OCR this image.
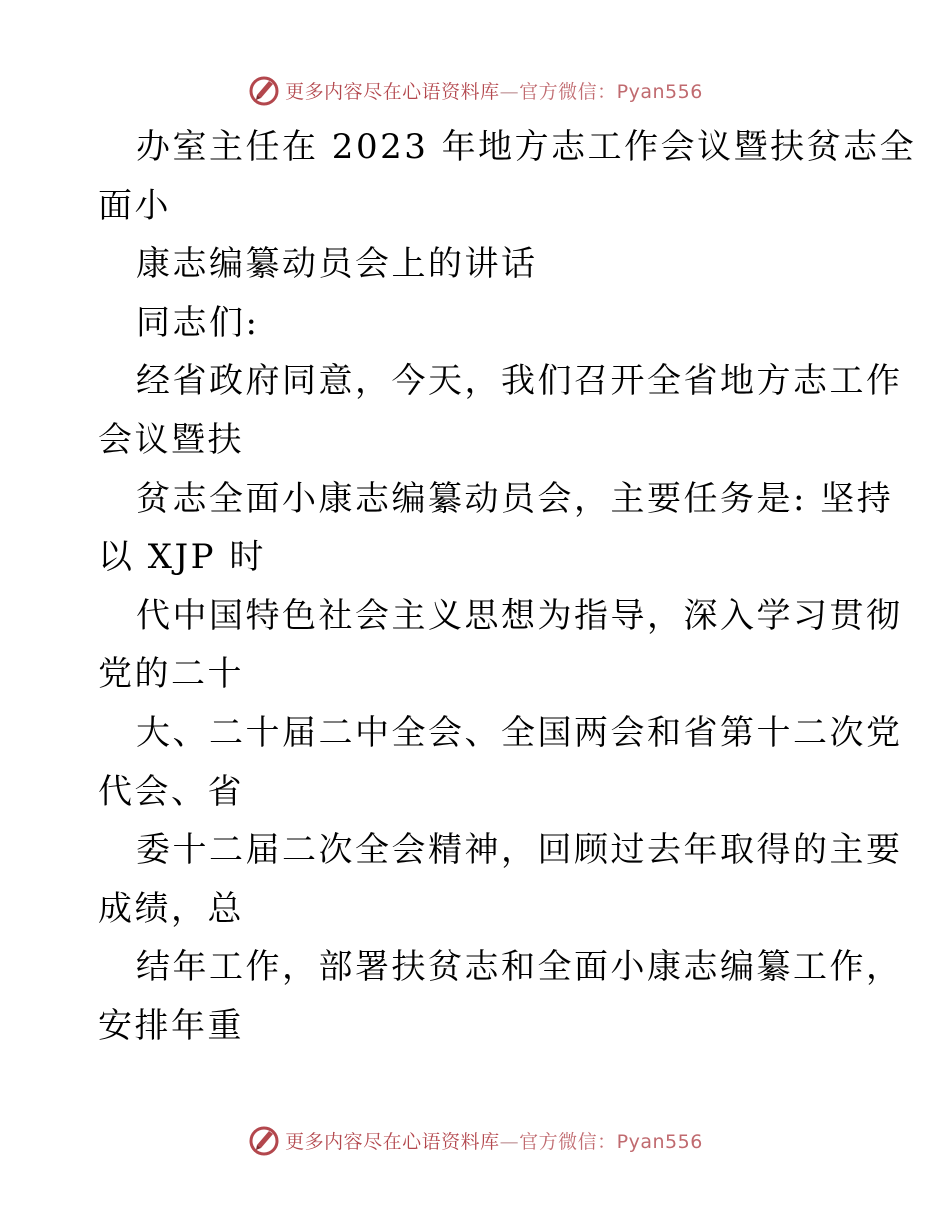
更多内容尽在心语资料库—官方微信：Pyan556
办室主任在 2023 年地方志工作会议暨扶贫志全
面小
康志编纂动员会上的讲话
同志们:
经省政府同意，今天，我们召开全省地方志工作
会议暨扶
贫志全面小康志编纂动员会，主要任务是: 坚持
以 XJP 时
代中国特色社会主义思想为指导，深入学习贯彻
党的二十
大、二十届二中全会、全国两会和省第十二次党
代会、省
委十二届二次全会精神，回顾过去年取得的主要
成绩，总
结年工作，部署扶贫志和全面小康志编纂工作，
安排年重
更多内容尽在心语资料库—官方微信：Pyan556
